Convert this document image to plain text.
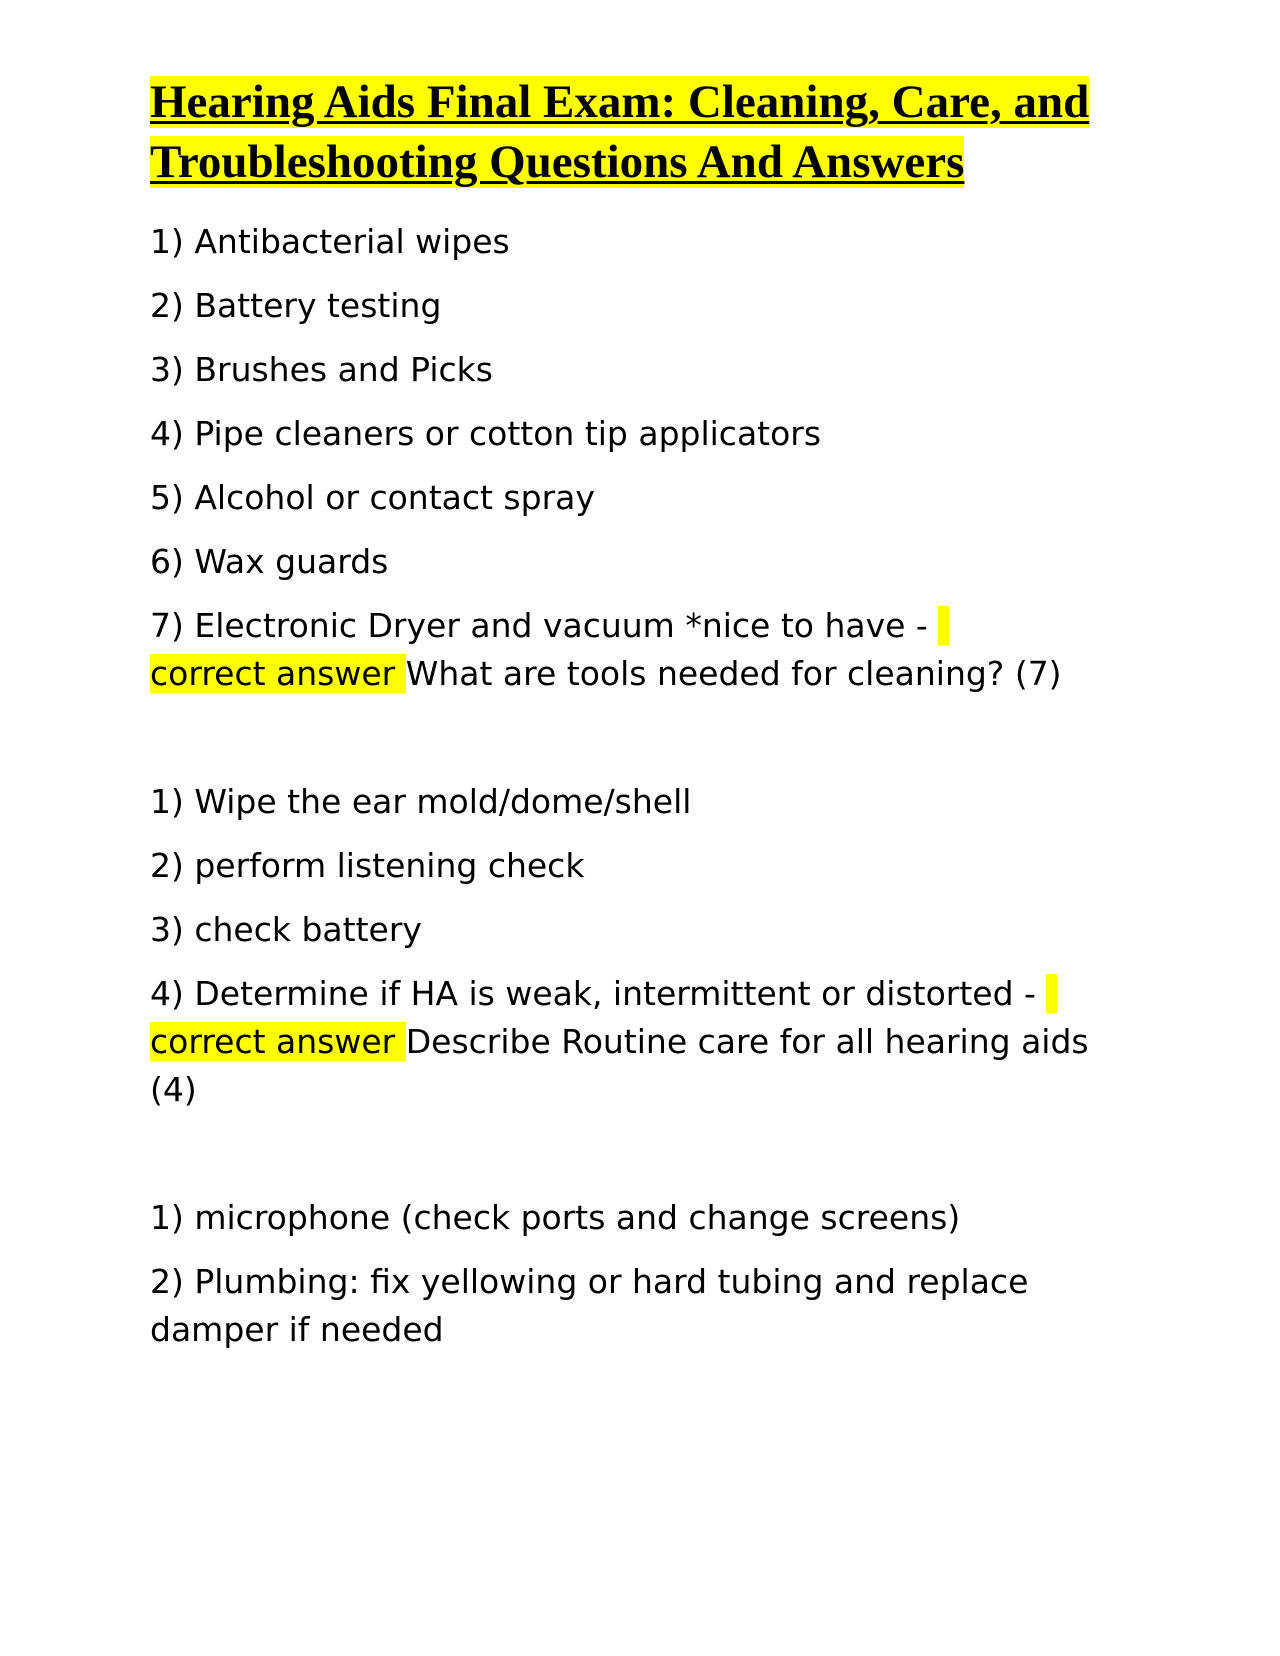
Hearing Aids Final Exam: Cleaning, Care, and Troubleshooting Questions And Answers

1) Antibacterial wipes

2) Battery testing

3) Brushes and Picks

4) Pipe cleaners or cotton tip applicators

5) Alcohol or contact spray

6) Wax guards

7) Electronic Dryer and vacuum *nice to have -
correct answer What are tools needed for cleaning? (7)

1) Wipe the ear mold/dome/shell

2) perform listening check

3) check battery

4) Determine if HA is weak, intermittent or distorted -
correct answer Describe Routine care for all hearing aids (4)

1) microphone (check ports and change screens)

2) Plumbing: fix yellowing or hard tubing and replace damper if needed
